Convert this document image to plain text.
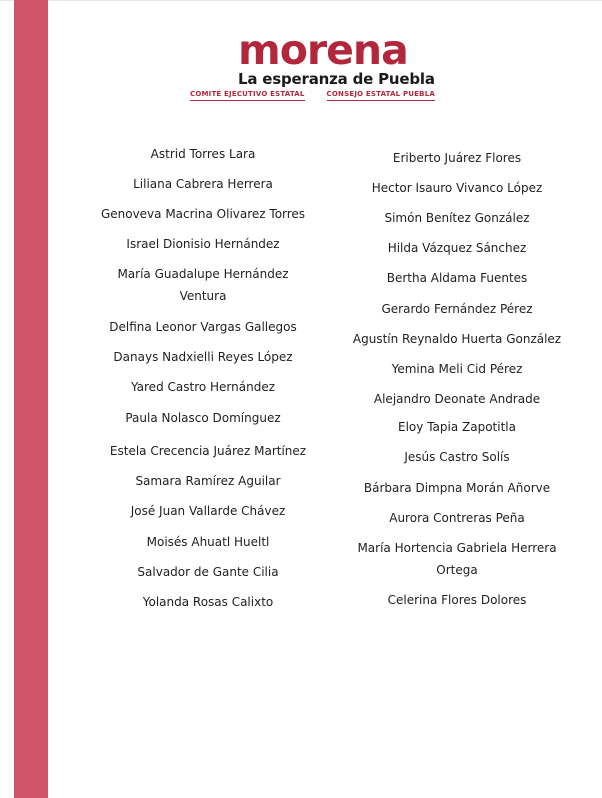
morena
La esperanza de Puebla
COMITÉ EJECUTIVO ESTATAL	CONSEJO ESTATAL PUEBLA
Astrid Torres Lara
Liliana Cabrera Herrera
Genoveva Macrina Olivarez Torres
Israel Dionisio Hernández
María Guadalupe Hernández
Ventura
Delfina Leonor Vargas Gallegos
Danays Nadxielli Reyes López
Yared Castro Hernández
Paula Nolasco Domínguez
Estela Crecencia Juárez Martínez
Samara Ramírez Aguilar
José Juan Vallarde Chávez
Moisés Ahuatl Hueltl
Salvador de Gante Cilia
Yolanda Rosas Calixto
Eriberto Juárez Flores
Hector Isauro Vivanco López
Simón Benítez González
Hilda Vázquez Sánchez
Bertha Aldama Fuentes
Gerardo Fernández Pérez
Agustín Reynaldo Huerta González
Yemina Meli Cid Pérez
Alejandro Deonate Andrade
Eloy Tapia Zapotitla
Jesús Castro Solís
Bárbara Dimpna Morán Añorve
Aurora Contreras Peña
María Hortencia Gabriela Herrera
Ortega
Celerina Flores Dolores
